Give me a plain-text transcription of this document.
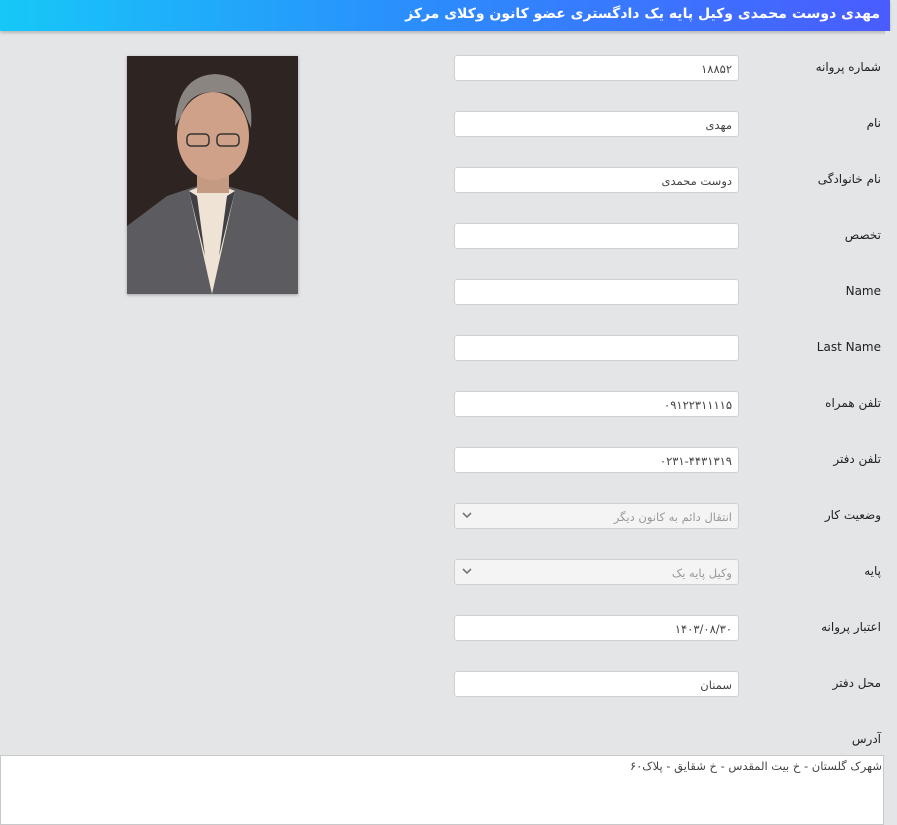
مهدی دوست محمدی وکیل پایه یک دادگستری عضو کانون وکلای مرکز
شماره پروانه
۱۸۸۵۲
نام
مهدی
نام خانوادگی
دوست محمدی
تخصص
Name
Last Name
تلفن همراه
۰۹۱۲۲۳۱۱۱۱۵
تلفن دفتر
۰۲۳۱-۴۴۳۱۳۱۹
وضعیت کار
انتقال دائم به کانون دیگر
پایه
وکیل پایه یک
اعتبار پروانه
۱۴۰۳/۰۸/۳۰
محل دفتر
سمنان
آدرس
شهرک گلستان - خ بیت المقدس - خ شقایق - پلاک۶۰
